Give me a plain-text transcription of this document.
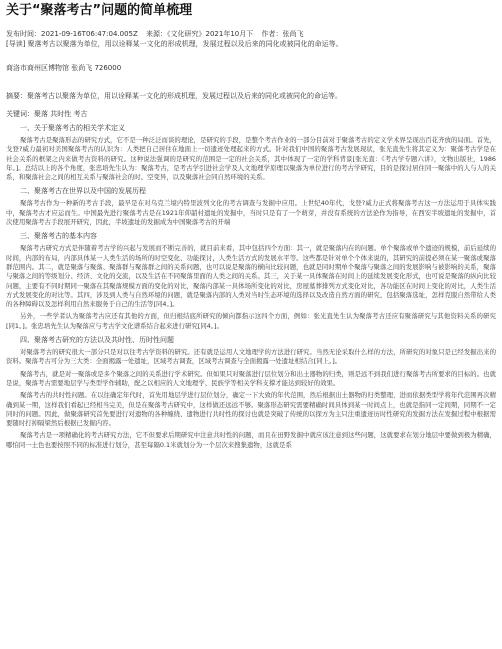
关于“聚落考古”问题的简单梳理
发布时间：2021-09-16T06:47:04.005Z 来源：《文化研究》2021年10月下 作者：张尚飞
[导读] 聚落考古以聚落为单位，用以诠释某一文化的形成机理，发展过程以及后来的同化或被同化的命运等。
商洛市商州区博物馆 张尚飞 726000
摘要：聚落考古以聚落为单位，用以诠释某一文化的形成机理，发展过程以及后来的同化或被同化的命运等。
关键词：聚落 共时性 考古
一、关于聚落考古的相关学术定义

聚落考古是聚落形态的研究方式，它不是一种泛泛而谈的理论，是研究的手段，是整个考古作业的一部分目前对于聚落考古的定义学术界呈现出百花齐放的局面。首先，戈登?威力最初对美国聚落考古的认识为：人类把自己居住在地面上一切遗迹处理起来的方式。针对我们中国的聚落考古发展现状，张光直先生将其定义为：聚落考古学是在社会关系的框架之内来做考古资料的研究。这种说法强调的是研究的范围是一定的社会关系，其中体现了一定的学科背景[张光直：《考古学专题六讲》，文物出版社，1986年。]。总结以上的各个角度，张忠培先生认为：聚落考古，是考古学引进社会学及人文地理学原理以聚落为单位进行的考古学研究，目的是探讨居住同一聚落中的人与人的关系，和聚落社会之间的相互关系与聚落社会的时、空变异，以及聚落社会同自然环境的关系。

二、聚落考古在世界以及中国的发展历程

聚落考古作为一种新的考古手段，最早是在对乌克兰境内特里波列文化的考古调查与发掘中应用。上世纪40年代，戈登?威力正式将聚落考古这一方法运用于具体实践中，聚落考古才应运而生。中国最先进行聚落考古是在1921年仰韶村遗址的发掘中，当时只是有了一个萌芽，并没有系统的方法论作为指导，在西安半坡遗址的发掘中，首次使用聚落考古手段展开研究，因此，半坡遗址的发掘成为中国聚落考古的开端

三、聚落考古的基本内容

聚落考古研究方式是伴随着考古学的兴起与发展而不断完善的，就目前来看，其中包括四个方面：其一，就是聚落内在的问题。单个聚落或单个遗迹的规模，前后延续的时间，内部的布局，内部具体某一人类生活的场所的时空变化、功能探讨，人类生活方式的发展水平等。这些都是针对单个个体来说的，其研究的前提必须在某一聚落或聚落群范围内。其二，就是聚落与聚落、聚落群与聚落群之间的关系问题，也可以说是聚落的横向比较问题，也就是同时期单个聚落与聚落之间的发展影响与被影响的关系，聚落与聚落之间的等级划分、经济、文化的交流，以及生活在不同聚落里面的人类之间的关系。其三，关于某一具体聚落在时间上的延续发展变化形式，也可说是聚落的纵向比较问题，主要有不同时期同一聚落在其聚落规模方面的变化的对比，聚落内部某一具体场所变化的对比，房屋墓葬排列方式变化对比，各功能区在时间上变化的对比，人类生活方式发展变化的对比等。其四，涉及到人类与自然环境的问题，就是聚落内部的人类对当时生态环境的选择以及改造自然方面的研究，包括聚落选址，怎样克服自然带给人类的各种障碍以及怎样利用自然来服务于自己的生活等[同4。]。

另外，一些学者认为聚落考古应还有其他的方面，但归根结底所研究的倾向都指示这四个方面，例如：张光直先生认为聚落考古还应有聚落研究与其他资料关系的研究[同1。]。张忠培先生认为聚落应与考古学文化谱系结合起来进行研究[同4。]。

四、聚落考古研究的方法以及共时性、历时性问题

对聚落考古的研究很大一部分只是对以往考古学资料的研究。还有就是运用人文地理学的方法进行研究。当然无论采取什么样的方法，所研究的对象只是已经发掘出来的资料。聚落考古可分为三大类：全面揭露一处遗址，区域考古调查，区域考古调查与全面揭露一处遗址相结合[同上。]。

聚落考古，就是对一聚落或是多个聚落之间的关系进行学术研究。但如果只对聚落进行层位划分和出土器物的归类，则是远不到我们进行聚落考古所要求的目标的。也就是说，聚落考古需要地层学与类型学作辅助，配之以相应的人文地理学、民族学等相关学科支撑才能达到较好的效果。

聚落考古的共时性问题。在以往确定年代时，首先用地层学进行层位划分，确定一下大致的年代范围，然后根据出土器物的归类整理，进而依据类型学将年代范围再次精确到某一期，这样我们看起已经相当完美，但是在聚落考古研究中，这样做还远远不够。聚落形态研究需要精确时间具体到某一时间点上，也就是指同一定间期，同期不一定同时的问题。因此，做聚落研究首先要进行对遗物的各种缠绕、遗物进行共时性的探讨也就是突破了传统的以探方为主只注重遗迹历时性研究的发掘方法在发掘过程中根据需要随时打掉隔梁然后根据已发掘内容。

聚落考古是一项精确化的考古研究方法，它不但要求后期研究中注意共时性的问题，而且在田野发掘中就应该注意到这些问题，这就要求在划分地层中要做到极为精确，哪怕同一土色也要按照不同的标准进行划分，甚至每隔0.1米就划分为一个层次来搜集遗物，这就是系
